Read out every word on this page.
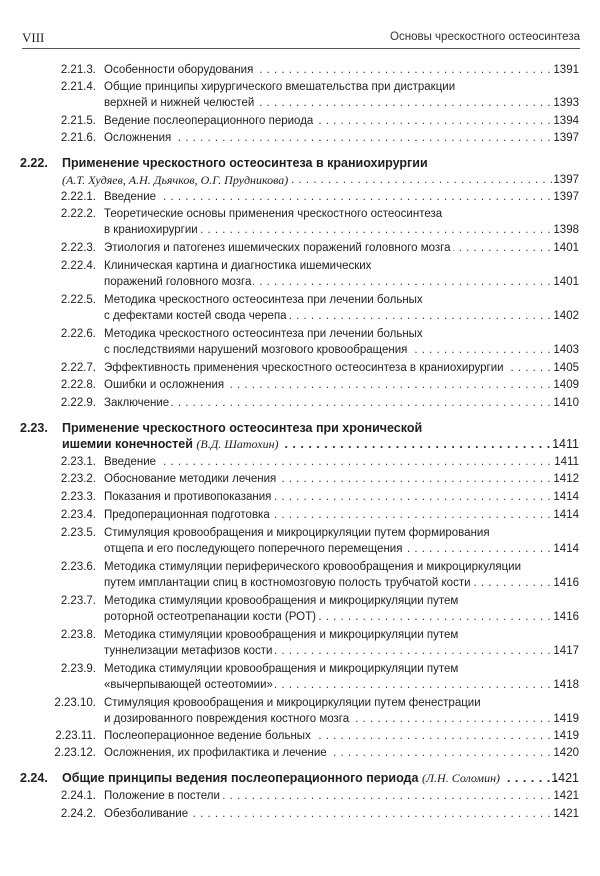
VIII	Основы чрескостного остеосинтеза
2.21.3. Особенности оборудования . . .	1391
2.21.4. Общие принципы хирургического вмешательства при дистракции
верхней и нижней челюстей . . .	1393
2.21.5. Ведение послеоперационного периода . . .	1394
2.21.6. Осложнения . . .	1397
2.22.	Применение чрескостного остеосинтеза в краниохирургии
(А.Т. Худяев, А.Н. Дьячков, О.Г. Прудникова) . . .	1397
2.22.1. Введение . . .	1397
2.22.2. Теоретические основы применения чрескостного остеосинтеза
в краниохирургии . . .	1398
2.22.3. Этиология и патогенез ишемических поражений головного мозга . . .	1401
2.22.4. Клиническая картина и диагностика ишемических
поражений головного мозга . . .	1401
2.22.5. Методика чрескостного остеосинтеза при лечении больных
с дефектами костей свода черепа . . .	1402
2.22.6. Методика чрескостного остеосинтеза при лечении больных
с последствиями нарушений мозгового кровообращения . . .	1403
2.22.7. Эффективность применения чрескостного остеосинтеза в краниохирургии . . .	1405
2.22.8. Ошибки и осложнения . . .	1409
2.22.9. Заключение . . .	1410
2.23.	Применение чрескостного остеосинтеза при хронической
ишемии конечностей (В.Д. Шатохин) . . .	1411
2.23.1. Введение . . .	1411
2.23.2. Обоснование методики лечения . . .	1412
2.23.3. Показания и противопоказания . . .	1414
2.23.4. Предоперационная подготовка . . .	1414
2.23.5. Стимуляция кровообращения и микроциркуляции путем формирования
отщепа и его последующего поперечного перемещения . . .	1414
2.23.6. Методика стимуляции периферического кровообращения и микроциркуляции
путем имплантации спиц в костномозговую полость трубчатой кости . . .	1416
2.23.7. Методика стимуляции кровообращения и микроциркуляции путем
роторной остеотрепанации кости (РОТ) . . .	1416
2.23.8. Методика стимуляции кровообращения и микроциркуляции путем
туннелизации метафизов кости . . .	1417
2.23.9. Методика стимуляции кровообращения и микроциркуляции путем
«вычерпывающей остеотомии» . . .	1418
2.23.10. Стимуляция кровообращения и микроциркуляции путем фенестрации
и дозированного повреждения костного мозга . . .	1419
2.23.11. Послеоперационное ведение больных . . .	1419
2.23.12. Осложнения, их профилактика и лечение . . .	1420
2.24.	Общие принципы ведения послеоперационного периода (Л.Н. Соломин) . . .	1421
2.24.1. Положение в постели . . .	1421
2.24.2. Обезболивание . . .	1421
